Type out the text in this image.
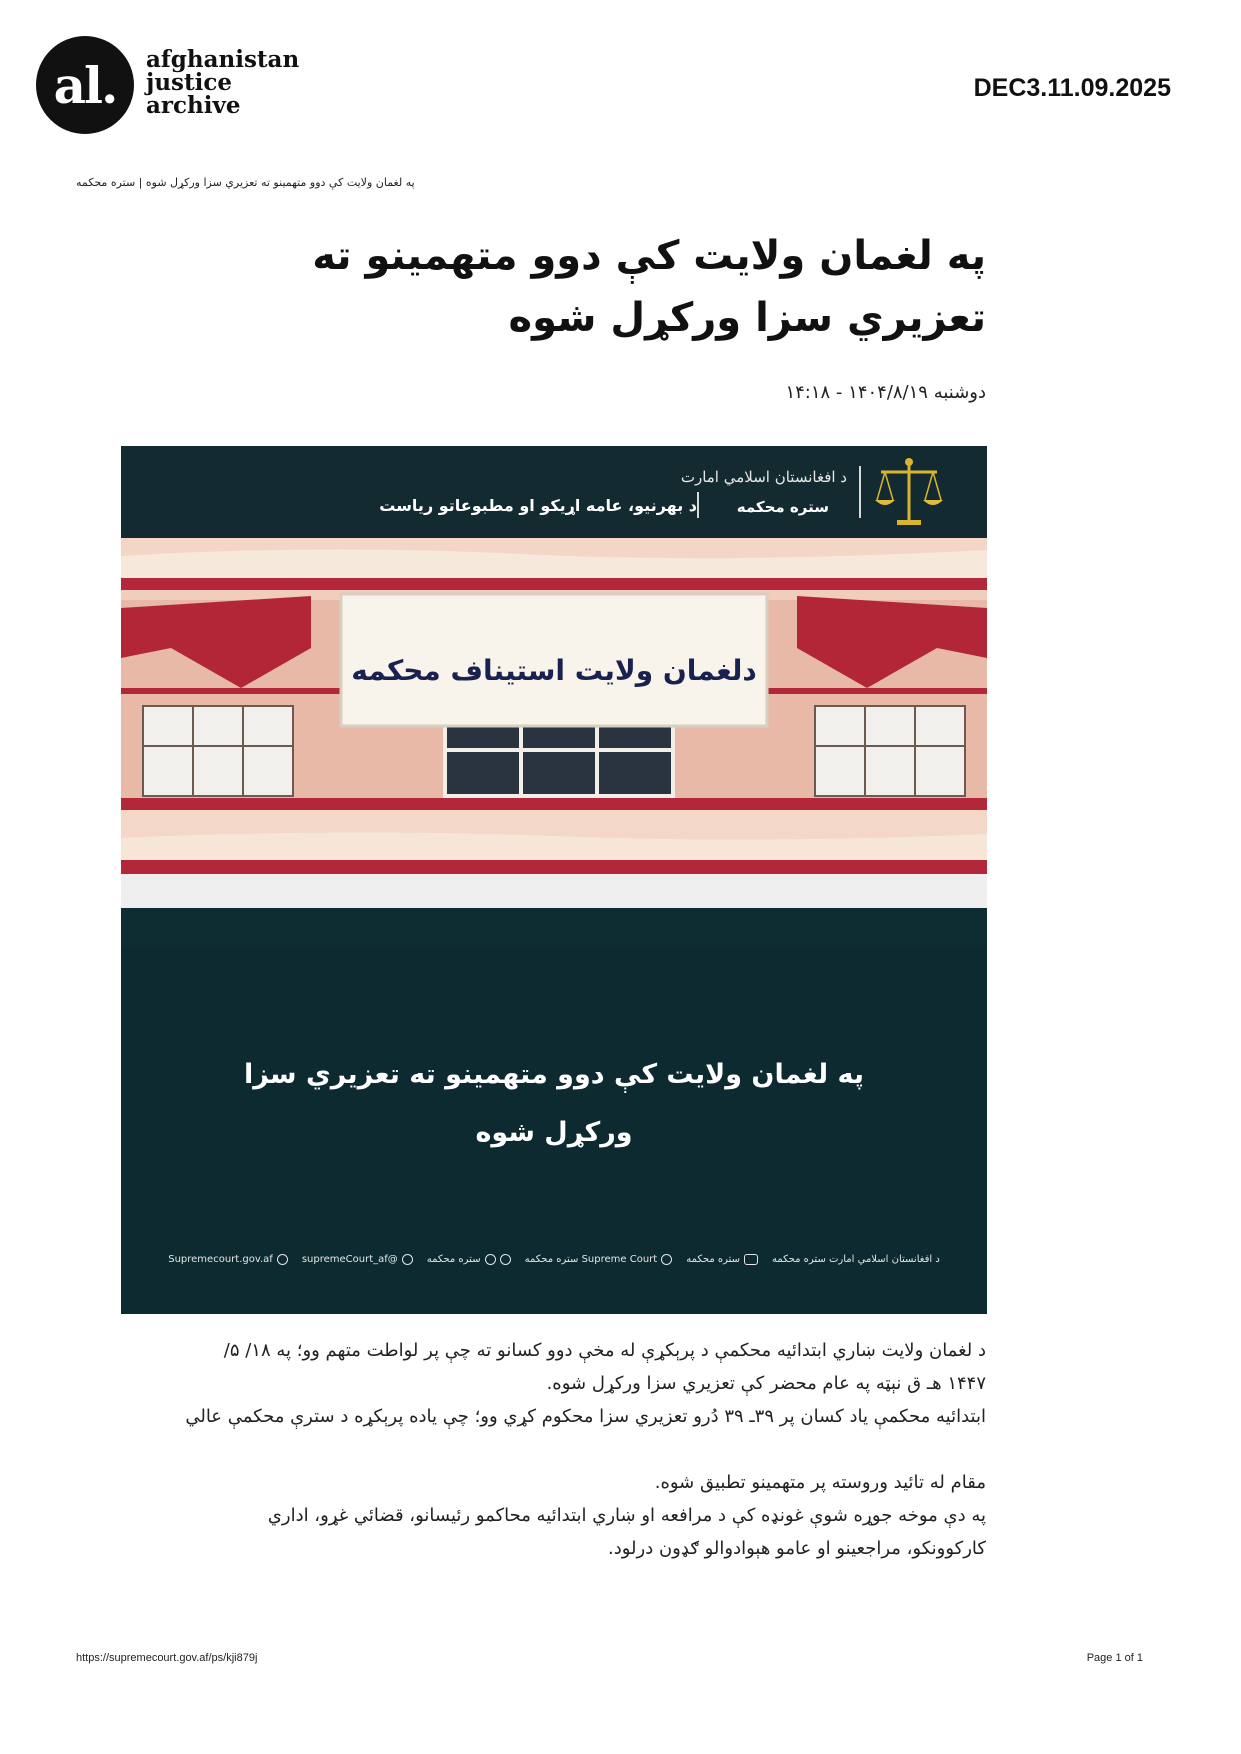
al.	afghanistan
justice
archive
DEC3.11.09.2025
په لغمان ولایت کې دوو متهمینو ته تعزیري سزا ورکړل شوه | ستره محکمه
په لغمان ولایت کې دوو متهمینو ته تعزیري سزا ورکړل شوه
دوشنبه ۱۴۰۴/۸/۱۹ - ۱۴:۱۸
د افغانستان اسلامي امارت
ستره محکمه
د بهرنیو، عامه اړیکو او مطبوعاتو ریاست
دلغمان ولایت استیناف محکمه
په لغمان ولایت کې دوو متهمینو ته تعزیري سزا
ورکړل شوه
د افغانستان اسلامي امارت ستره محکمه
ستره محکمه
Supreme Court ستره محکمه
ستره محکمه
@supremeCourt_af
Supremecourt.gov.af

د لغمان ولایت ښاري ابتدائیه محکمې د پرېکړې له مخې دوو کسانو ته چې پر لواطت متهم وو؛ په ۱۸/ ۵/

۱۴۴۷ هـ ق نېټه په عام محضر کې تعزیري سزا ورکړل شوه.

ابتدائیه محکمې یاد کسان پر ۳۹ـ ۳۹ دُرو تعزیري سزا محکوم کړي وو؛ چې یاده پرېکړه د سترې محکمې عالي

مقام له تائید وروسته پر متهمینو تطبیق شوه.

په دې موخه جوړه شوې غونډه کې د مرافعه او ښاري ابتدائیه محاکمو رئیسانو، قضائي غړو، اداري

کارکوونکو، مراجعینو او عامو هېوادوالو ګډون درلود.

https://supremecourt.gov.af/ps/kji879j	Page 1 of 1
